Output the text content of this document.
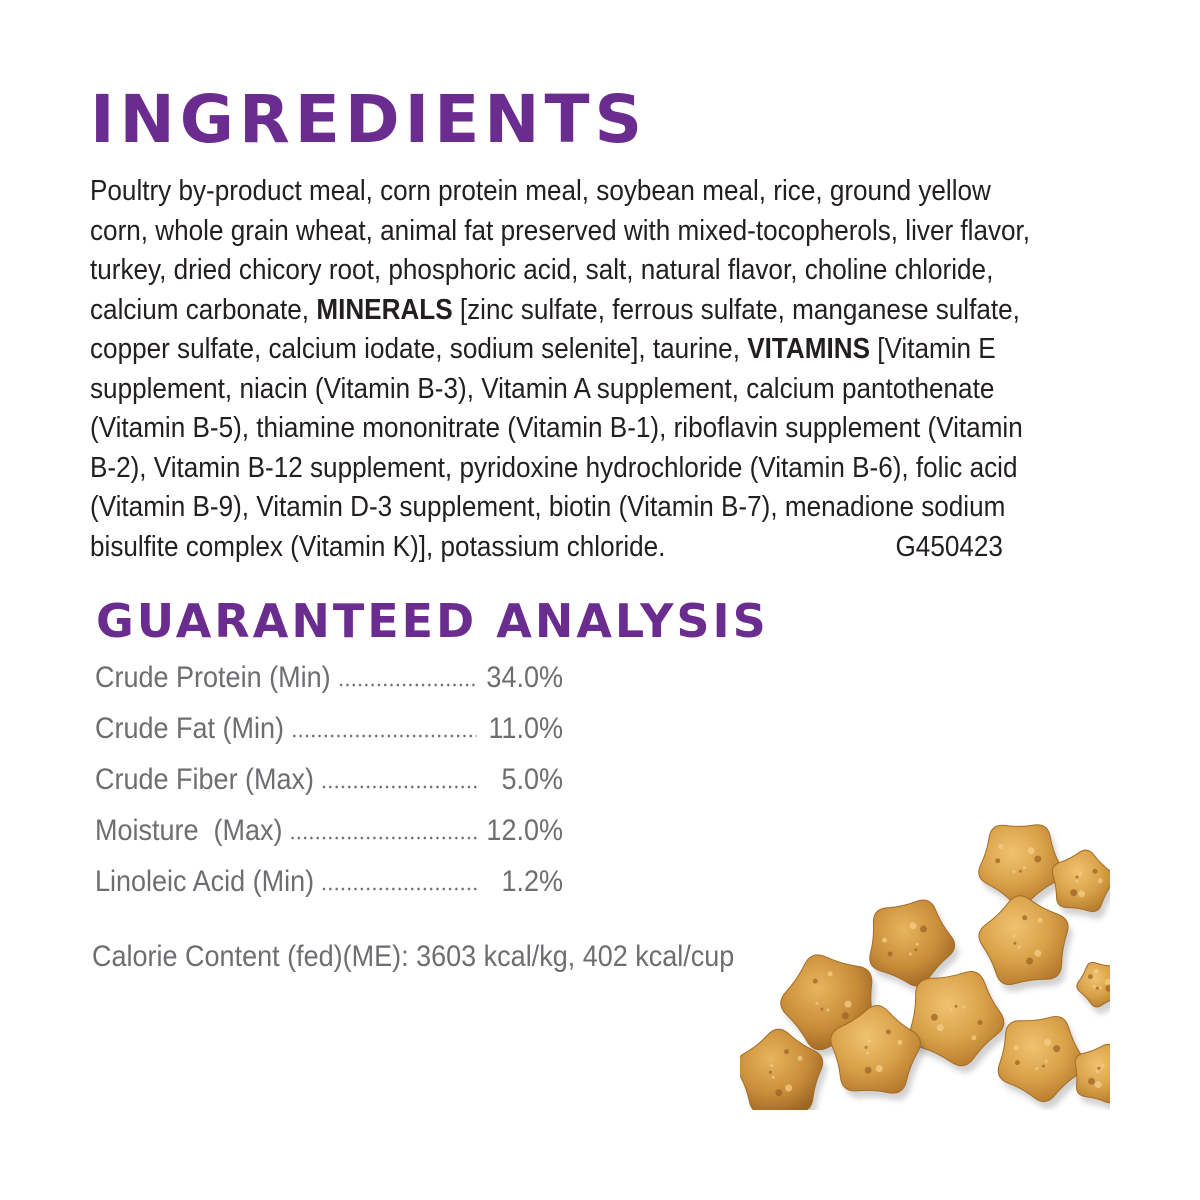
INGREDIENTS
Poultry by-product meal, corn protein meal, soybean meal, rice, ground yellow
corn, whole grain wheat, animal fat preserved with mixed-tocopherols, liver flavor,
turkey, dried chicory root, phosphoric acid, salt, natural flavor, choline chloride,
calcium carbonate, MINERALS [zinc sulfate, ferrous sulfate, manganese sulfate,
copper sulfate, calcium iodate, sodium selenite], taurine, VITAMINS [Vitamin E
supplement, niacin (Vitamin B-3), Vitamin A supplement, calcium pantothenate
(Vitamin B-5), thiamine mononitrate (Vitamin B-1), riboflavin supplement (Vitamin
B-2), Vitamin B-12 supplement, pyridoxine hydrochloride (Vitamin B-6), folic acid
(Vitamin B-9), Vitamin D-3 supplement, biotin (Vitamin B-7), menadione sodium
bisulfite complex (Vitamin K)], potassium chloride.	G450423
GUARANTEED ANALYSIS
Crude Protein (Min)	34.0%
Crude Fat (Min)	11.0%
Crude Fiber (Max)	5.0%
Moisture  (Max)	12.0%
Linoleic Acid (Min)	1.2%

Calorie Content (fed)(ME): 3603 kcal/kg, 402 kcal/cup
